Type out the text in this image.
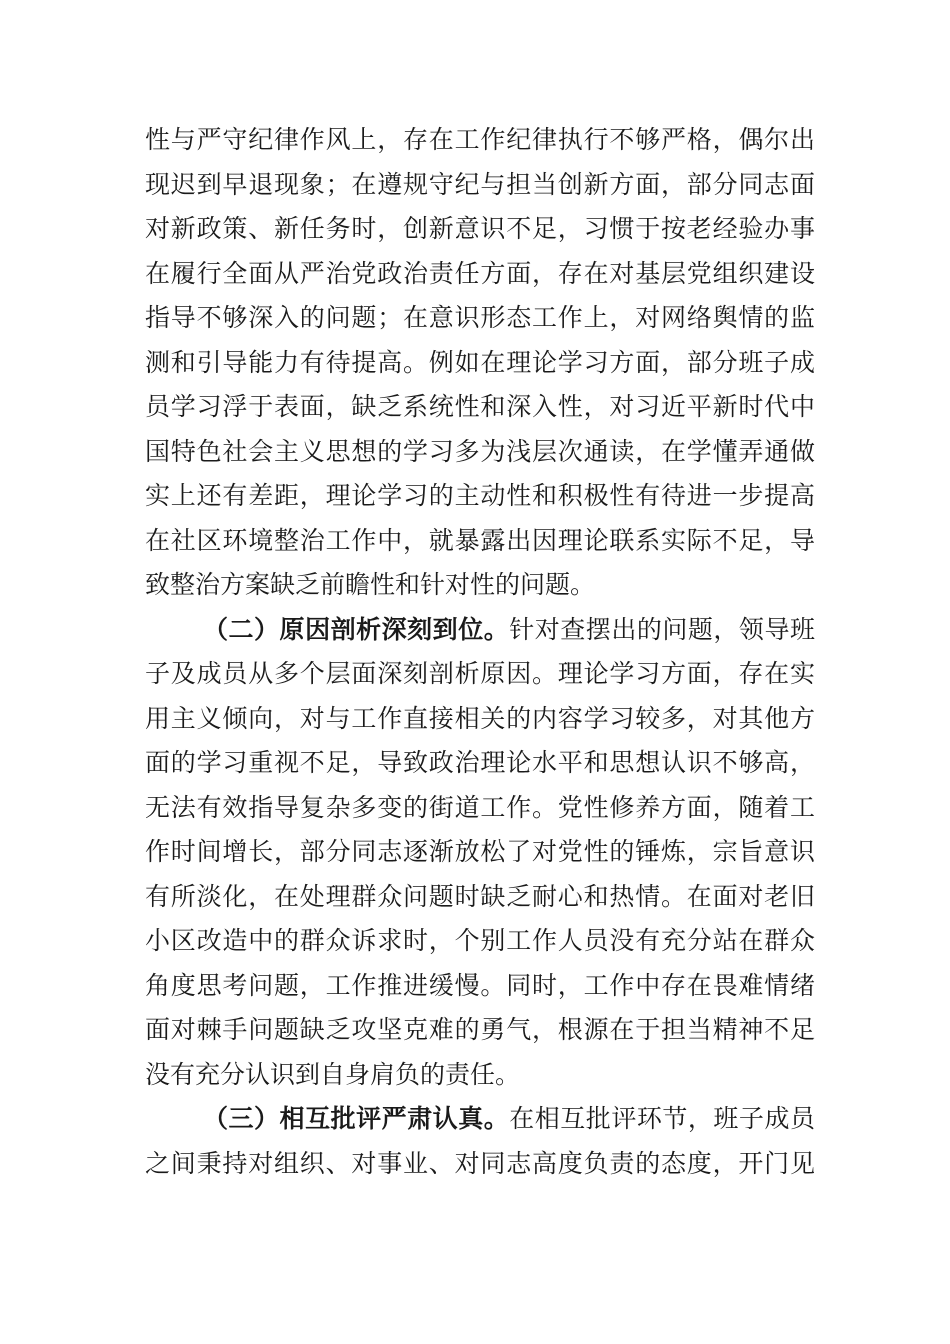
性与严守纪律作风上，存在工作纪律执行不够严格，偶尔出
现迟到早退现象；在遵规守纪与担当创新方面，部分同志面
对新政策、新任务时，创新意识不足，习惯于按老经验办事
在履行全面从严治党政治责任方面，存在对基层党组织建设
指导不够深入的问题；在意识形态工作上，对网络舆情的监
测和引导能力有待提高。例如在理论学习方面，部分班子成
员学习浮于表面，缺乏系统性和深入性，对习近平新时代中
国特色社会主义思想的学习多为浅层次通读，在学懂弄通做
实上还有差距，理论学习的主动性和积极性有待进一步提高
在社区环境整治工作中，就暴露出因理论联系实际不足，导
致整治方案缺乏前瞻性和针对性的问题。
（二）原因剖析深刻到位。针对查摆出的问题，领导班
子及成员从多个层面深刻剖析原因。理论学习方面，存在实
用主义倾向，对与工作直接相关的内容学习较多，对其他方
面的学习重视不足，导致政治理论水平和思想认识不够高，
无法有效指导复杂多变的街道工作。党性修养方面，随着工
作时间增长，部分同志逐渐放松了对党性的锤炼，宗旨意识
有所淡化，在处理群众问题时缺乏耐心和热情。在面对老旧
小区改造中的群众诉求时，个别工作人员没有充分站在群众
角度思考问题，工作推进缓慢。同时，工作中存在畏难情绪
面对棘手问题缺乏攻坚克难的勇气，根源在于担当精神不足
没有充分认识到自身肩负的责任。
（三）相互批评严肃认真。在相互批评环节，班子成员
之间秉持对组织、对事业、对同志高度负责的态度，开门见
